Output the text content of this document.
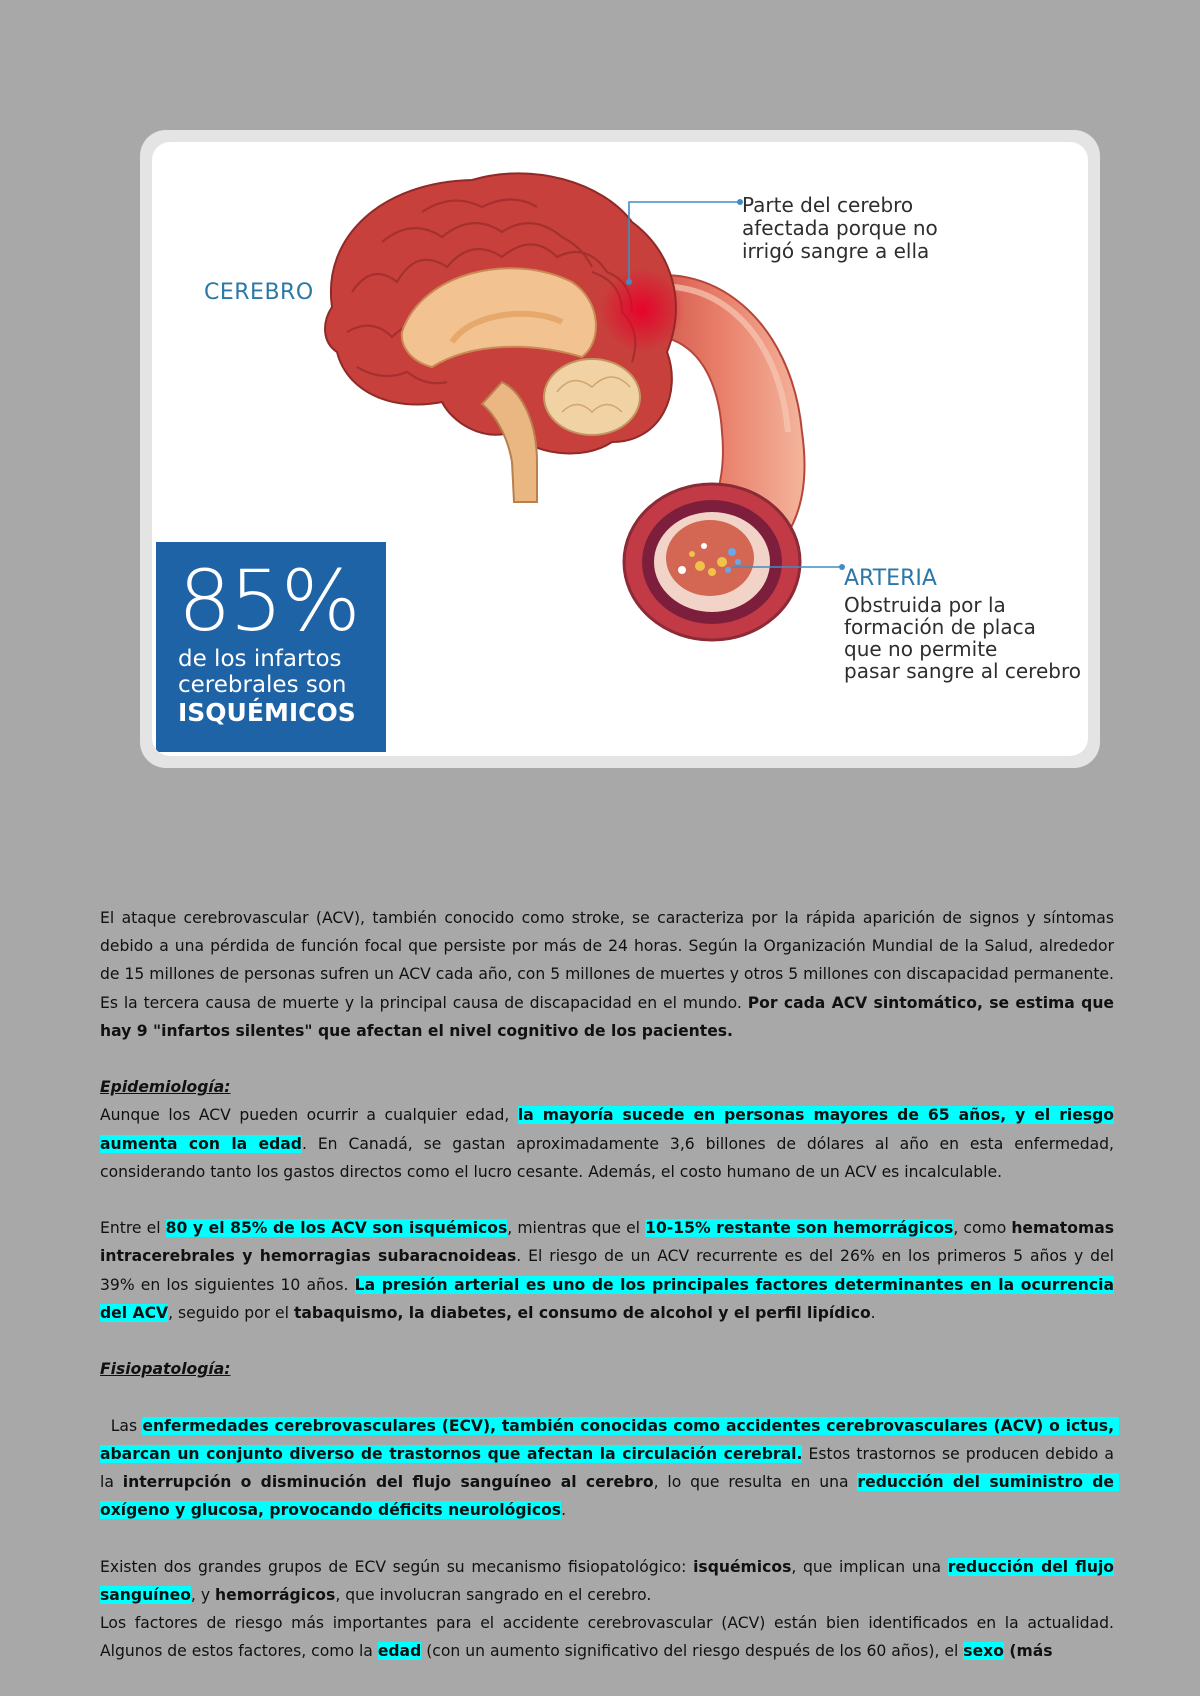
CEREBRO
Parte del cerebro
afectada porque no
irrigó sangre a ella
ARTERIA
Obstruida por la
formación de placa
que no permite
pasar sangre al cerebro
85%
de los infartos
cerebrales son
ISQUÉMICOS

El ataque cerebrovascular (ACV), también conocido como stroke, se caracteriza por la rápida aparición de signos y síntomas debido a una pérdida de función focal que persiste por más de 24 horas. Según la Organización Mundial de la Salud, alrededor de 15 millones de personas sufren un ACV cada año, con 5 millones de muertes y otros 5 millones con discapacidad permanente. Es la tercera causa de muerte y la principal causa de discapacidad en el mundo. Por cada ACV sintomático, se estima que hay 9 "infartos silentes" que afectan el nivel cognitivo de los pacientes.

Epidemiología:

Aunque los ACV pueden ocurrir a cualquier edad, la mayoría sucede en personas mayores de 65 años, y el riesgo aumenta con la edad. En Canadá, se gastan aproximadamente 3,6 billones de dólares al año en esta enfermedad, considerando tanto los gastos directos como el lucro cesante. Además, el costo humano de un ACV es incalculable.

Entre el 80 y el 85% de los ACV son isquémicos, mientras que el 10-15% restante son hemorrágicos, como hematomas intracerebrales y hemorragias subaracnoideas. El riesgo de un ACV recurrente es del 26% en los primeros 5 años y del 39% en los siguientes 10 años. La presión arterial es uno de los principales factores determinantes en la ocurrencia del ACV, seguido por el tabaquismo, la diabetes, el consumo de alcohol y el perfil lipídico.

Fisiopatología:

Las enfermedades cerebrovasculares (ECV), también conocidas como accidentes cerebrovasculares (ACV) o ictus, abarcan un conjunto diverso de trastornos que afectan la circulación cerebral. Estos trastornos se producen debido a la interrupción o disminución del flujo sanguíneo al cerebro, lo que resulta en una reducción del suministro de oxígeno y glucosa, provocando déficits neurológicos.

Existen dos grandes grupos de ECV según su mecanismo fisiopatológico: isquémicos, que implican una reducción del flujo sanguíneo, y hemorrágicos, que involucran sangrado en el cerebro.

Los factores de riesgo más importantes para el accidente cerebrovascular (ACV) están bien identificados en la actualidad. Algunos de estos factores, como la edad (con un aumento significativo del riesgo después de los 60 años), el sexo (más
